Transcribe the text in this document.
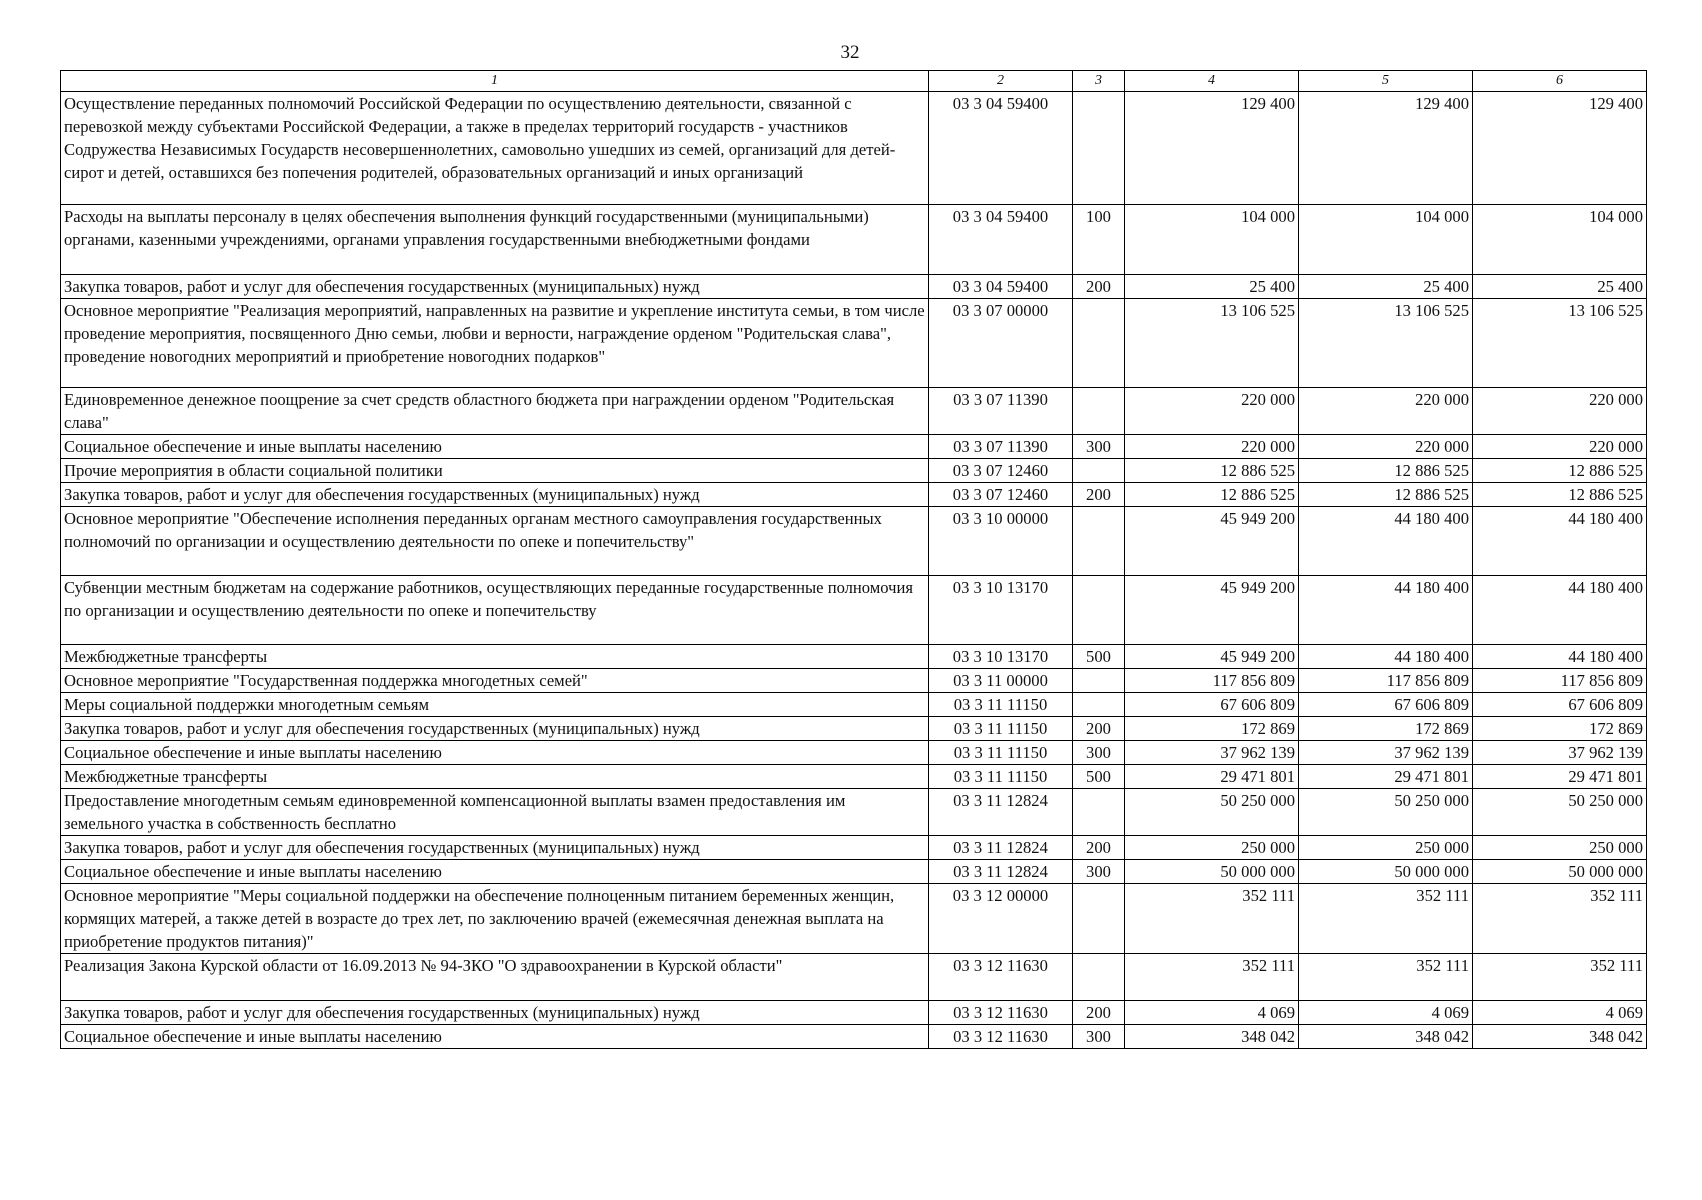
32
1	2	3	4	5	6
Осуществление переданных полномочий Российской Федерации по осуществлению деятельности, связанной с перевозкой между субъектами Российской Федерации, а также в пределах территорий государств - участников Содружества Независимых Государств несовершеннолетних, самовольно ушедших из семей, организаций для детей-сирот и детей, оставшихся без попечения родителей, образовательных организаций и иных организаций	03 3 04 59400		129 400	129 400	129 400
Расходы на выплаты персоналу в целях обеспечения выполнения функций государственными (муниципальными) органами, казенными учреждениями, органами управления государственными внебюджетными фондами	03 3 04 59400	100	104 000	104 000	104 000
Закупка товаров, работ и услуг для обеспечения государственных (муниципальных) нужд	03 3 04 59400	200	25 400	25 400	25 400
Основное мероприятие "Реализация мероприятий, направленных на развитие и укрепление института семьи, в том числе проведение мероприятия, посвященного Дню семьи, любви и верности, награждение орденом "Родительская слава", проведение новогодних мероприятий и приобретение новогодних подарков"	03 3 07 00000		13 106 525	13 106 525	13 106 525
Единовременное денежное поощрение за счет средств областного бюджета при награждении орденом "Родительская слава"	03 3 07 11390		220 000	220 000	220 000
Социальное обеспечение и иные выплаты населению	03 3 07 11390	300	220 000	220 000	220 000
Прочие мероприятия в области социальной политики	03 3 07 12460		12 886 525	12 886 525	12 886 525
Закупка товаров, работ и услуг для обеспечения государственных (муниципальных) нужд	03 3 07 12460	200	12 886 525	12 886 525	12 886 525
Основное мероприятие "Обеспечение исполнения переданных органам местного самоуправления государственных полномочий по организации и осуществлению деятельности по опеке и попечительству"	03 3 10 00000		45 949 200	44 180 400	44 180 400
Субвенции местным бюджетам на содержание работников, осуществляющих переданные государственные полномочия по организации и осуществлению деятельности по опеке и попечительству	03 3 10 13170		45 949 200	44 180 400	44 180 400
Межбюджетные трансферты	03 3 10 13170	500	45 949 200	44 180 400	44 180 400
Основное мероприятие "Государственная поддержка многодетных семей"	03 3 11 00000		117 856 809	117 856 809	117 856 809
Меры социальной поддержки многодетным семьям	03 3 11 11150		67 606 809	67 606 809	67 606 809
Закупка товаров, работ и услуг для обеспечения государственных (муниципальных) нужд	03 3 11 11150	200	172 869	172 869	172 869
Социальное обеспечение и иные выплаты населению	03 3 11 11150	300	37 962 139	37 962 139	37 962 139
Межбюджетные трансферты	03 3 11 11150	500	29 471 801	29 471 801	29 471 801
Предоставление многодетным семьям единовременной компенсационной выплаты взамен предоставления им земельного участка в собственность бесплатно	03 3 11 12824		50 250 000	50 250 000	50 250 000
Закупка товаров, работ и услуг для обеспечения государственных (муниципальных) нужд	03 3 11 12824	200	250 000	250 000	250 000
Социальное обеспечение и иные выплаты населению	03 3 11 12824	300	50 000 000	50 000 000	50 000 000
Основное мероприятие "Меры социальной поддержки на обеспечение полноценным питанием беременных женщин, кормящих матерей, а также детей в возрасте до трех лет, по заключению врачей (ежемесячная денежная выплата на приобретение продуктов питания)"	03 3 12 00000		352 111	352 111	352 111
Реализация Закона Курской области от 16.09.2013 № 94-ЗКО "О здравоохранении в Курской области"	03 3 12 11630		352 111	352 111	352 111
Закупка товаров, работ и услуг для обеспечения государственных (муниципальных) нужд	03 3 12 11630	200	4 069	4 069	4 069
Социальное обеспечение и иные выплаты населению	03 3 12 11630	300	348 042	348 042	348 042
